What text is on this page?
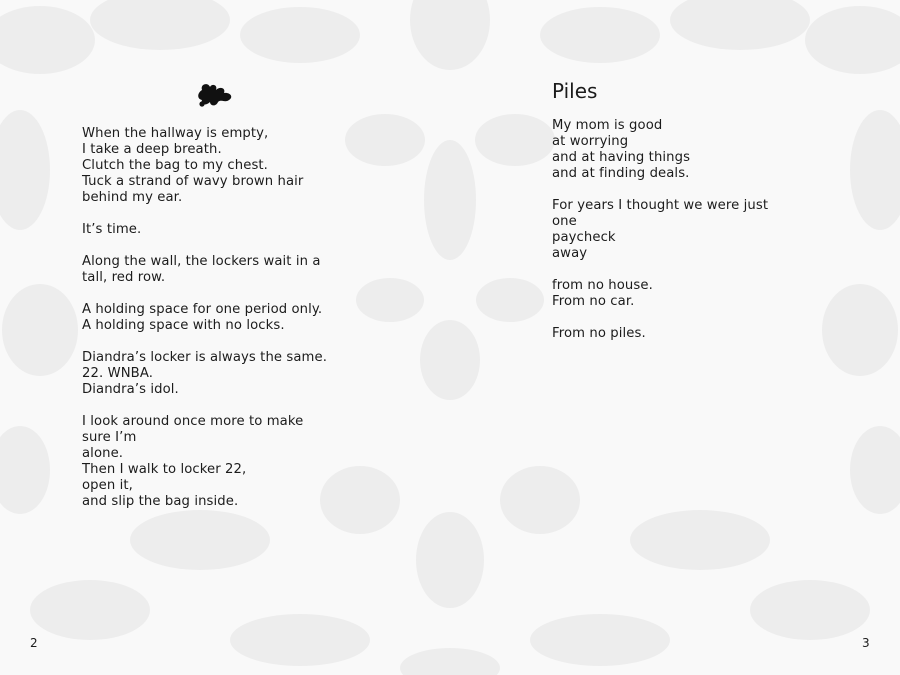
When the hallway is empty,
I take a deep breath.
Clutch the bag to my chest.
Tuck a strand of wavy brown hair
behind my ear.
It’s time.
Along the wall, the lockers wait in a
tall, red row.
A holding space for one period only.
A holding space with no locks.
Diandra’s locker is always the same.
22. WNBA.
Diandra’s idol.
I look around once more to make
sure I’m
alone.
Then I walk to locker 22,
open it,
and slip the bag inside.
2
Piles
My mom is good
at worrying
and at having things
and at finding deals.
For years I thought we were just
one
paycheck
away
from no house.
From no car.
From no piles.
3
